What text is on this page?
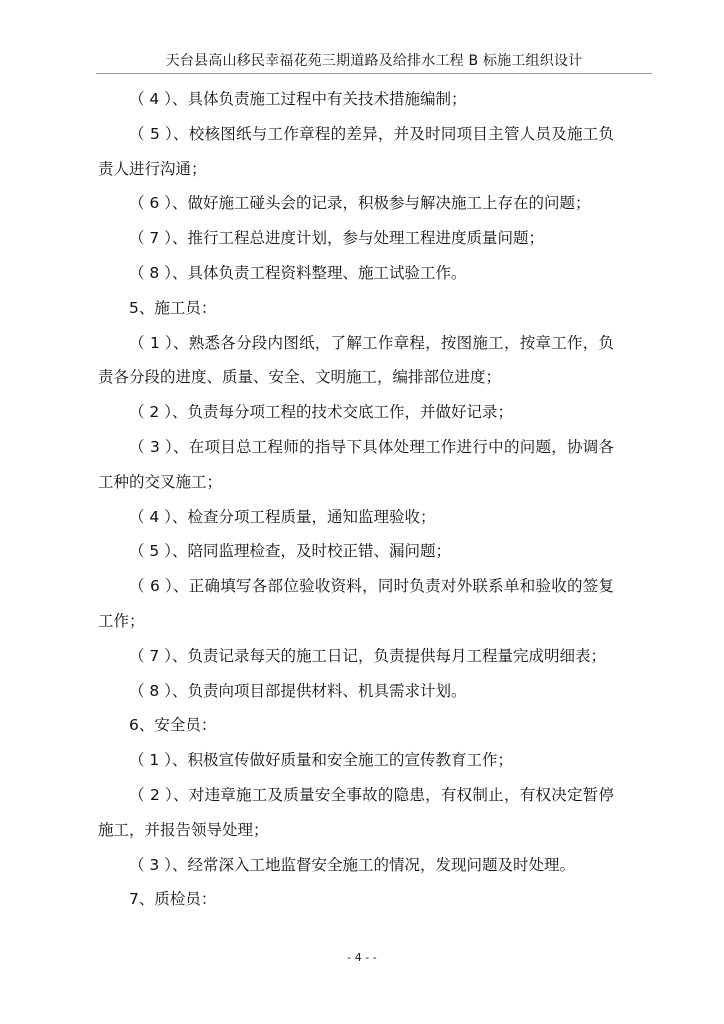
天台县高山移民幸福花苑三期道路及给排水工程 B 标施工组织设计

（ 4 ）、具体负责施工过程中有关技术措施编制；

（ 5 ）、校核图纸与工作章程的差异，并及时同项目主管人员及施工负责人进行沟通；

（ 6 ）、做好施工碰头会的记录，积极参与解决施工上存在的问题；

（ 7 ）、推行工程总进度计划，参与处理工程进度质量问题；

（ 8 ）、具体负责工程资料整理、施工试验工作。

5、施工员：

（ 1 ）、熟悉各分段内图纸，了解工作章程，按图施工，按章工作，负责各分段的进度、质量、安全、文明施工，编排部位进度；

（ 2 ）、负责每分项工程的技术交底工作，并做好记录；

（ 3 ）、在项目总工程师的指导下具体处理工作进行中的问题，协调各工种的交叉施工；

（ 4 ）、检查分项工程质量，通知监理验收；

（ 5 ）、陪同监理检查，及时校正错、漏问题；

（ 6 ）、正确填写各部位验收资料，同时负责对外联系单和验收的签复工作；

（ 7 ）、负责记录每天的施工日记，负责提供每月工程量完成明细表；

（ 8 ）、负责向项目部提供材料、机具需求计划。

6、安全员：

（ 1 ）、积极宣传做好质量和安全施工的宣传教育工作；

（ 2 ）、对违章施工及质量安全事故的隐患，有权制止，有权决定暂停施工，并报告领导处理；

（ 3 ）、经常深入工地监督安全施工的情况，发现问题及时处理。

7、质检员：

- 4 - -
